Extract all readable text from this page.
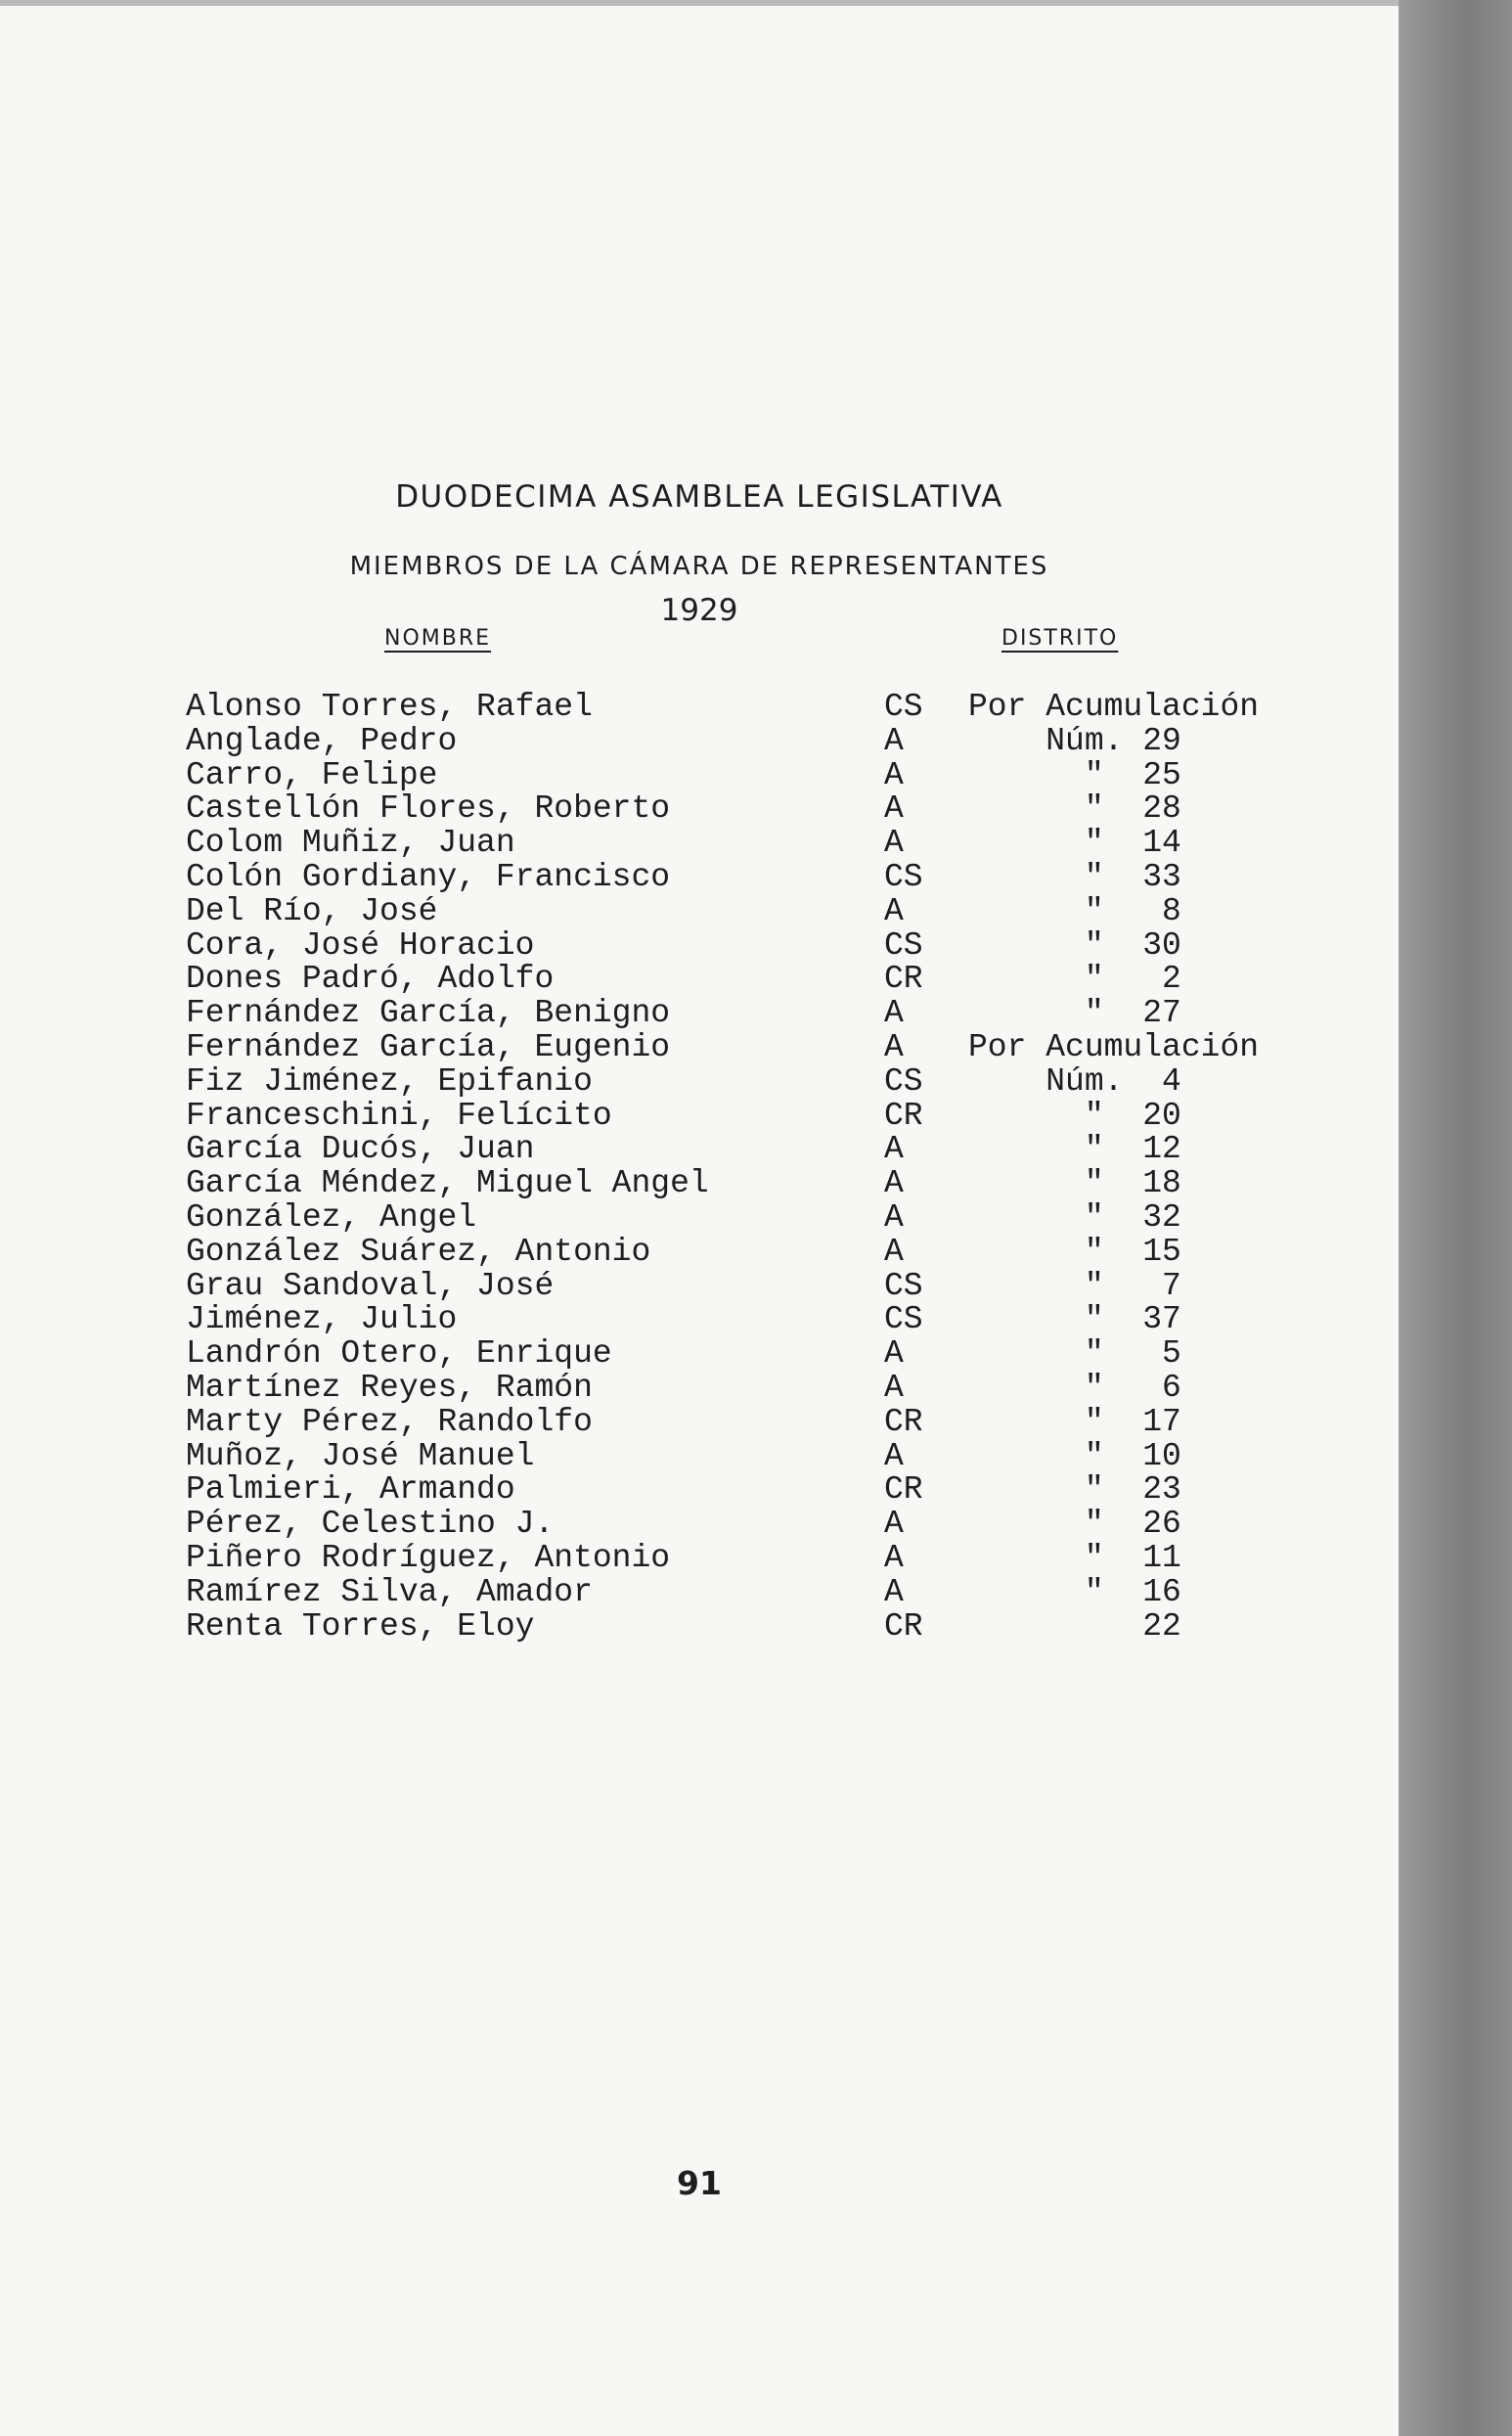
DUODECIMA ASAMBLEA LEGISLATIVA
MIEMBROS DE LA CÁMARA DE REPRESENTANTES
1929
NOMBRE	DISTRITO
Alonso Torres, Rafael	CS Por Acumulación
Anglade, Pedro	A Núm. 29
Carro, Felipe	A "  25
Castellón Flores, Roberto	A "  28
Colom Muñiz, Juan	A "  14
Colón Gordiany, Francisco	CS "  33
Del Río, José	A "   8
Cora, José Horacio	CS "  30
Dones Padró, Adolfo	CR "   2
Fernández García, Benigno	A "  27
Fernández García, Eugenio	A Por Acumulación
Fiz Jiménez, Epifanio	CS Núm.  4
Franceschini, Felícito	CR "  20
García Ducós, Juan	A "  12
García Méndez, Miguel Angel	A "  18
González, Angel	A "  32
González Suárez, Antonio	A "  15
Grau Sandoval, José	CS "   7
Jiménez, Julio	CS "  37
Landrón Otero, Enrique	A "   5
Martínez Reyes, Ramón	A "   6
Marty Pérez, Randolfo	CR "  17
Muñoz, José Manuel	A "  10
Palmieri, Armando	CR "  23
Pérez, Celestino J.	A "  26
Piñero Rodríguez, Antonio	A "  11
Ramírez Silva, Amador	A "  16
Renta Torres, Eloy	CR 22
91
